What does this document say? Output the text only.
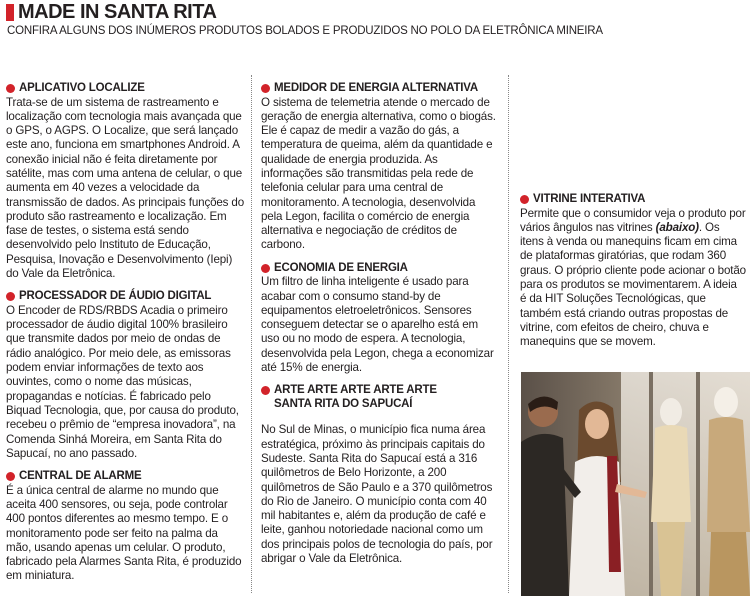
MADE IN SANTA RITA
CONFIRA ALGUNS DOS INÚMEROS PRODUTOS BOLADOS E PRODUZIDOS NO POLO DA ELETRÔNICA MINEIRA
APLICATIVO LOCALIZE

Trata-se de um sistema de rastreamento e localização com tecnologia mais avançada que o GPS, o AGPS. O Localize, que será lançado este ano, funciona em smartphones Android. A conexão inicial não é feita diretamente por satélite, mas com uma antena de celular, o que aumenta em 40 vezes a velocidade da transmissão de dados. As principais funções do produto são rastreamento e localização. Em fase de testes, o sistema está sendo desenvolvido pelo Instituto de Educação, Pesquisa, Inovação e Desenvolvimento (Iepi) do Vale da Eletrônica.

PROCESSADOR DE ÁUDIO DIGITAL

O Encoder de RDS/RBDS Acadia o primeiro processador de áudio digital 100% brasileiro que transmite dados por meio de ondas de rádio analógico. Por meio dele, as emissoras podem enviar informações de texto aos ouvintes, como o nome das músicas, propagandas e notícias. É fabricado pelo Biquad Tecnologia, que, por causa do produto, recebeu o prêmio de “empresa inovadora”, na Comenda Sinhá Moreira, em Santa Rita do Sapucaí, no ano passado.

CENTRAL DE ALARME

É a única central de alarme no mundo que aceita 400 sensores, ou seja, pode controlar 400 pontos diferentes ao mesmo tempo. E o monitoramento pode ser feito na palma da mão, usando apenas um celular. O produto, fabricado pela Alarmes Santa Rita, é produzido em miniatura.

MEDIDOR DE ENERGIA ALTERNATIVA

O sistema de telemetria atende o mercado de geração de energia alternativa, como o biogás. Ele é capaz de medir a vazão do gás, a temperatura de queima, além da quantidade e qualidade de energia produzida. As informações são transmitidas pela rede de telefonia celular para uma central de monitoramento. A tecnologia, desenvolvida pela Legon, facilita o comércio de energia alternativa e negociação de créditos de carbono.

ECONOMIA DE ENERGIA

Um filtro de linha inteligente é usado para acabar com o consumo stand-by de equipamentos eletroeletrônicos. Sensores conseguem detectar se o aparelho está em uso ou no modo de espera. A tecnologia, desenvolvida pela Legon, chega a economizar até 15% de energia.

ARTE ARTE ARTE ARTE ARTE
SANTA RITA DO SAPUCAÍ

No Sul de Minas, o município fica numa área estratégica, próximo às principais capitais do Sudeste. Santa Rita do Sapucaí está a 316 quilômetros de Belo Horizonte, a 200 quilômetros de São Paulo e a 370 quilômetros do Rio de Janeiro. O município conta com 40 mil habitantes e, além da produção de café e leite, ganhou notoriedade nacional como um dos principais polos de tecnologia do país, por abrigar o Vale da Eletrônica.

VITRINE INTERATIVA

Permite que o consumidor veja o produto por vários ângulos nas vitrines (abaixo). Os itens à venda ou manequins ficam em cima de plataformas giratórias, que rodam 360 graus. O próprio cliente pode acionar o botão para os produtos se movimentarem. A ideia é da HIT Soluções Tecnológicas, que também está criando outras propostas de vitrine, com efeitos de cheiro, chuva e manequins que se movem.
